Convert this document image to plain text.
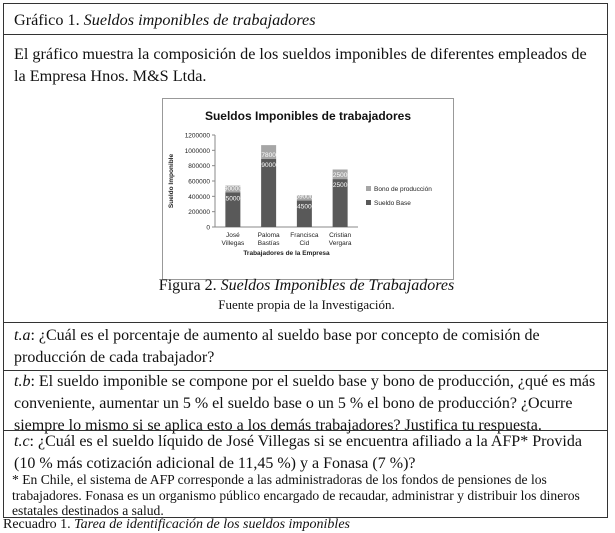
Gráfico 1. Sueldos imponibles de trabajadores
El gráfico muestra la composición de los sueldos imponibles de diferentes empleados de la Empresa Hnos. M&S Ltda.
Sueldos Imponibles de trabajadores
0
200000
400000
600000
800000
1000000
1200000
Sueldo Imponible	450000
90000
José
Villegas
890000
178000
Paloma
Bastías
345000
69000
Francisca
Cid
625000
125000
Cristian
Vergara
Trabajadores de la Empresa
Bono de producción
Sueldo Base
Figura 2. Sueldos Imponibles de Trabajadores
Fuente propia de la Investigación.
t.a: ¿Cuál es el porcentaje de aumento al sueldo base por concepto de comisión de producción de cada trabajador?
t.b: El sueldo imponible se compone por el sueldo base y bono de producción, ¿qué es más conveniente, aumentar un 5 % el sueldo base o un 5 % el bono de producción? ¿Ocurre siempre lo mismo si se aplica esto a los demás trabajadores? Justifica tu respuesta.
t.c: ¿Cuál es el sueldo líquido de José Villegas si se encuentra afiliado a la AFP* Provida (10 % más cotización adicional de 11,45 %) y a Fonasa (7 %)?
* En Chile, el sistema de AFP corresponde a las administradoras de los fondos de pensiones de los trabajadores. Fonasa es un organismo público encargado de recaudar, administrar y distribuir los dineros estatales destinados a salud.
Recuadro 1. Tarea de identificación de los sueldos imponibles
